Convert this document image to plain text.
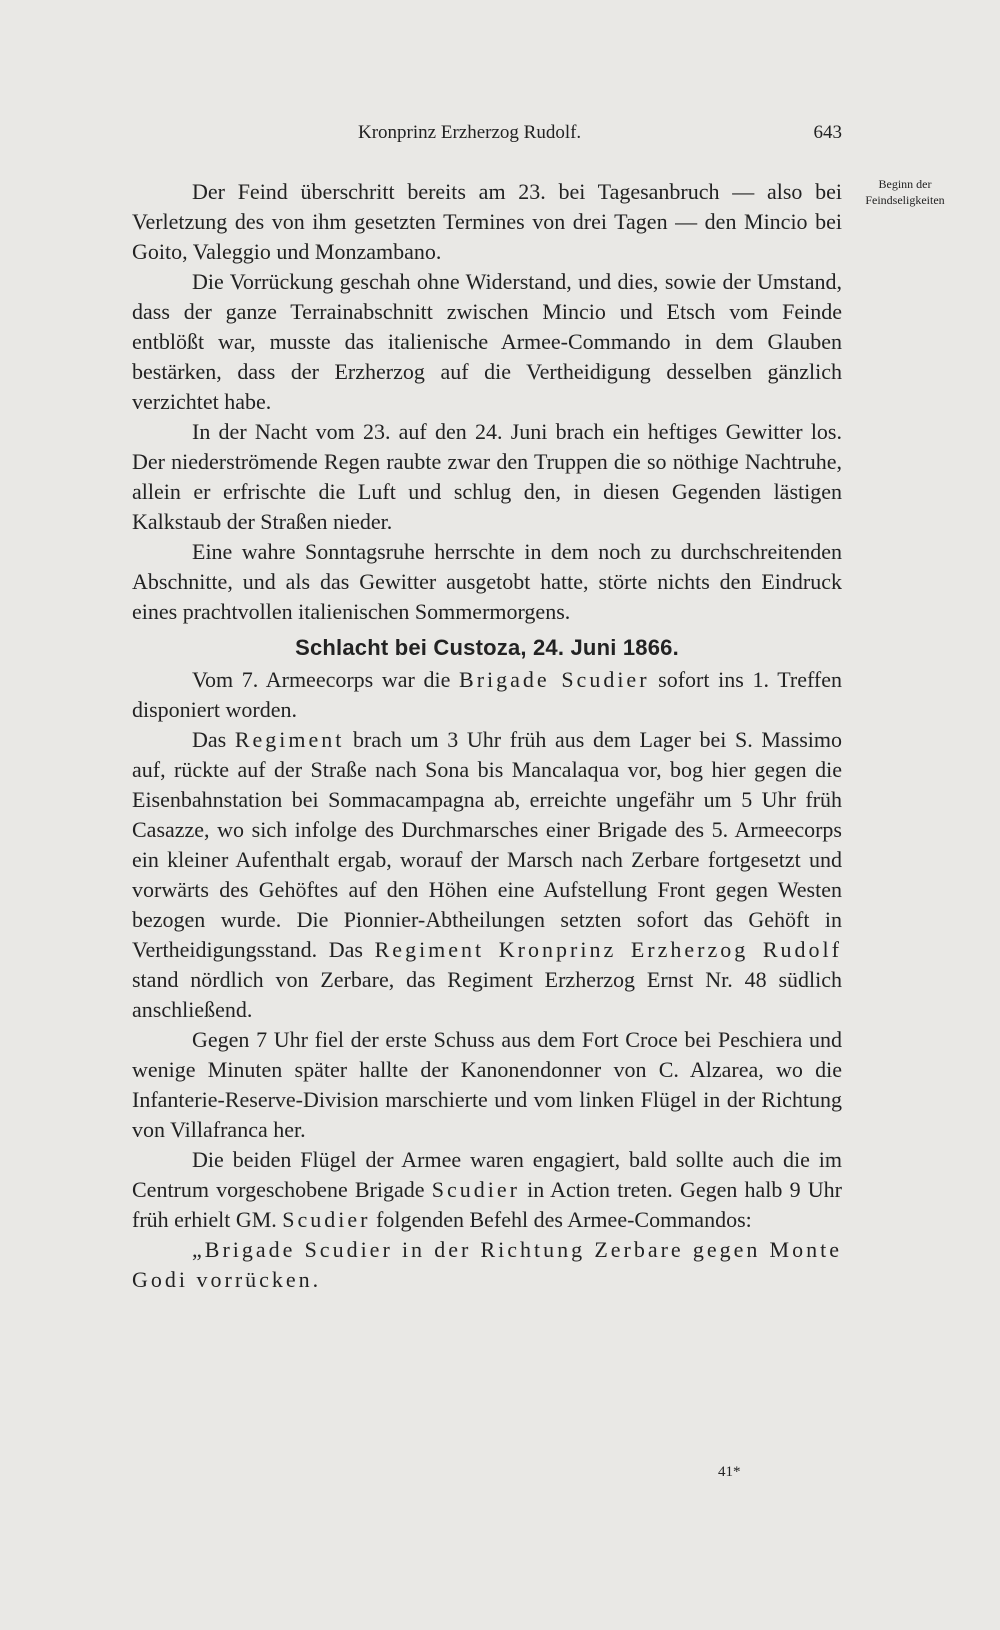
Kronprinz Erzherzog Rudolf.	643
Beginn der
Feindseligkeiten

Der Feind überschritt bereits am 23. bei Tagesanbruch — also bei Verletzung des von ihm gesetzten Termines von drei Tagen — den Mincio bei Goito, Valeggio und Monzambano.

Die Vorrückung geschah ohne Widerstand, und dies, sowie der Umstand, dass der ganze Terrainabschnitt zwischen Mincio und Etsch vom Feinde entblößt war, musste das italienische Armee-Commando in dem Glauben bestärken, dass der Erzherzog auf die Vertheidigung desselben gänzlich verzichtet habe.

In der Nacht vom 23. auf den 24. Juni brach ein heftiges Gewitter los. Der niederströmende Regen raubte zwar den Truppen die so nöthige Nachtruhe, allein er erfrischte die Luft und schlug den, in diesen Gegenden lästigen Kalkstaub der Straßen nieder.

Eine wahre Sonntagsruhe herrschte in dem noch zu durchschreitenden Abschnitte, und als das Gewitter ausgetobt hatte, störte nichts den Eindruck eines prachtvollen italienischen Sommermorgens.

Schlacht bei Custoza, 24. Juni 1866.

Vom 7. Armeecorps war die Brigade Scudier sofort ins 1. Treffen disponiert worden.

Das Regiment brach um 3 Uhr früh aus dem Lager bei S. Massimo auf, rückte auf der Straße nach Sona bis Mancalaqua vor, bog hier gegen die Eisenbahnstation bei Sommacampagna ab, erreichte ungefähr um 5 Uhr früh Casazze, wo sich infolge des Durchmarsches einer Brigade des 5. Armeecorps ein kleiner Aufenthalt ergab, worauf der Marsch nach Zerbare fortgesetzt und vorwärts des Gehöftes auf den Höhen eine Aufstellung Front gegen Westen bezogen wurde. Die Pionnier-Abtheilungen setzten sofort das Gehöft in Vertheidigungsstand. Das Regiment Kronprinz Erzherzog Rudolf stand nördlich von Zerbare, das Regiment Erzherzog Ernst Nr. 48 südlich anschließend.

Gegen 7 Uhr fiel der erste Schuss aus dem Fort Croce bei Peschiera und wenige Minuten später hallte der Kanonendonner von C. Alzarea, wo die Infanterie-Reserve-Division marschierte und vom linken Flügel in der Richtung von Villafranca her.

Die beiden Flügel der Armee waren engagiert, bald sollte auch die im Centrum vorgeschobene Brigade Scudier in Action treten. Gegen halb 9 Uhr früh erhielt GM. Scudier folgenden Befehl des Armee-Commandos:

„Brigade Scudier in der Richtung Zerbare gegen Monte Godi vorrücken.

41*
